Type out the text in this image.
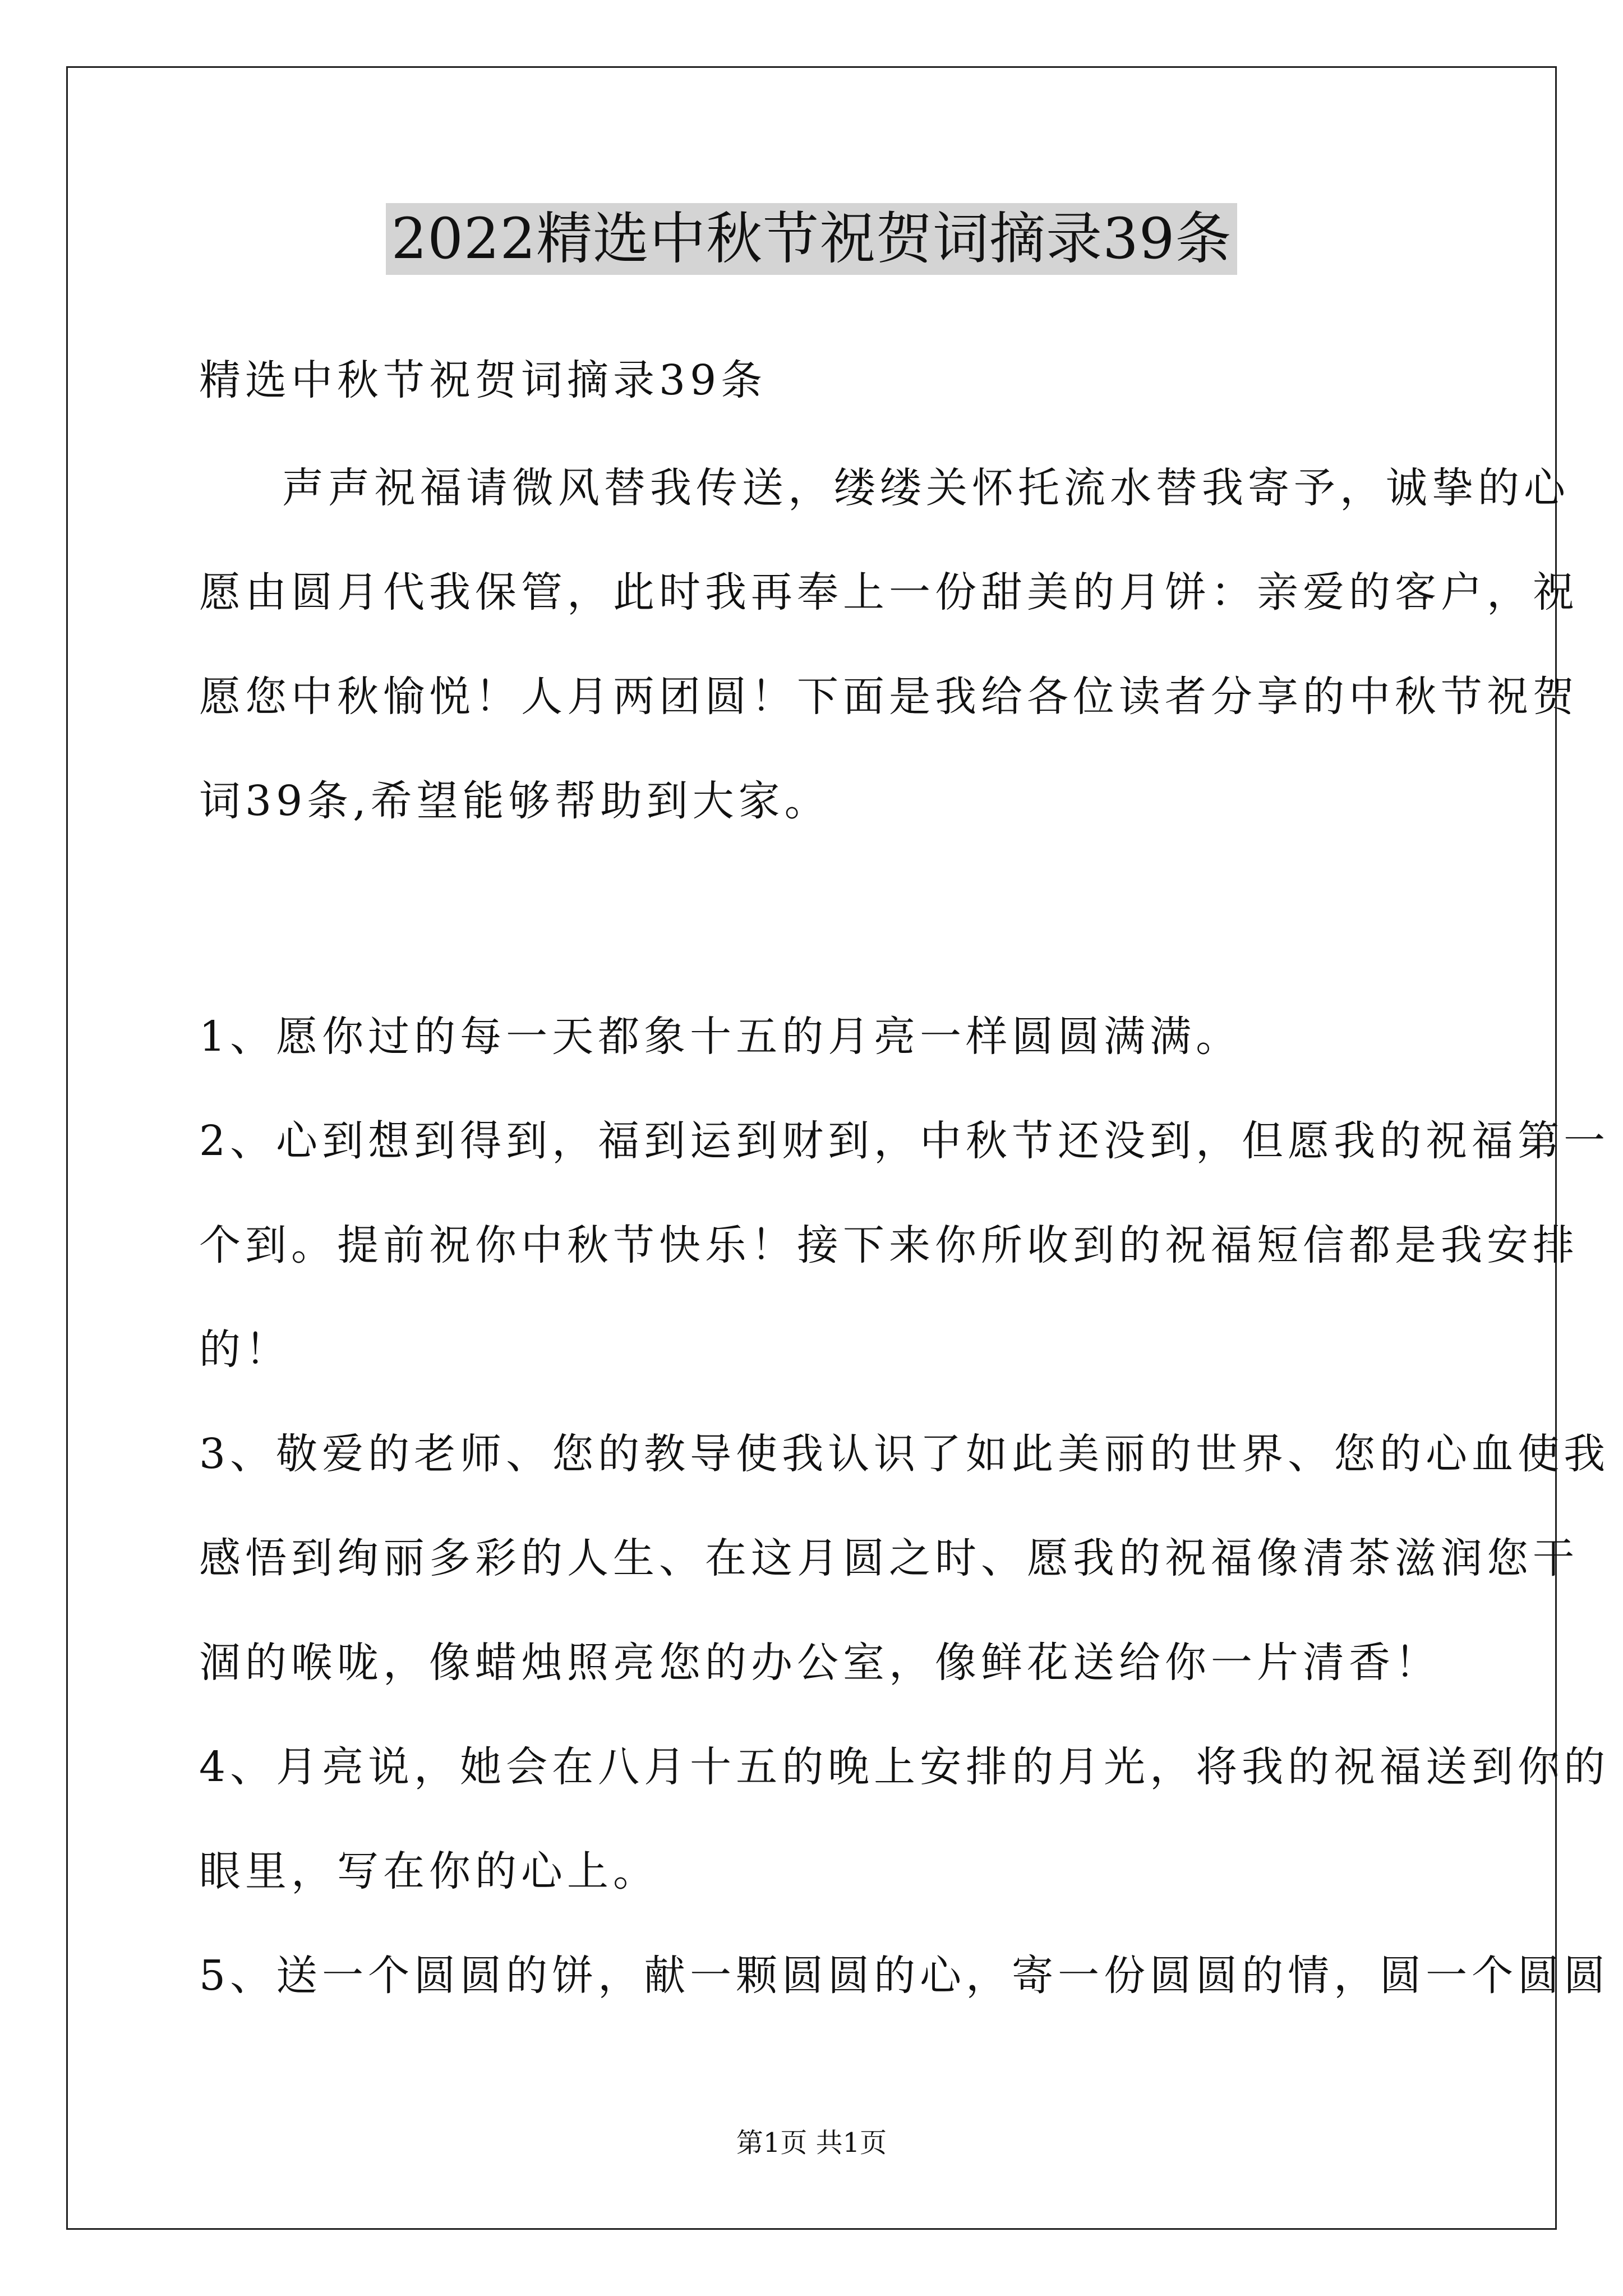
2022精选中秋节祝贺词摘录39条
精选中秋节祝贺词摘录39条
声声祝福请微风替我传送，缕缕关怀托流水替我寄予，诚挚的心
愿由圆月代我保管，此时我再奉上一份甜美的月饼：亲爱的客户，祝
愿您中秋愉悦！人月两团圆！下面是我给各位读者分享的中秋节祝贺
词39条,希望能够帮助到大家。
1、愿你过的每一天都象十五的月亮一样圆圆满满。
2、心到想到得到，福到运到财到，中秋节还没到，但愿我的祝福第一
个到。提前祝你中秋节快乐！接下来你所收到的祝福短信都是我安排
的！
3、敬爱的老师、您的教导使我认识了如此美丽的世界、您的心血使我
感悟到绚丽多彩的人生、在这月圆之时、愿我的祝福像清茶滋润您干
涸的喉咙，像蜡烛照亮您的办公室，像鲜花送给你一片清香！
4、月亮说，她会在八月十五的晚上安排的月光，将我的祝福送到你的
眼里，写在你的心上。
5、送一个圆圆的饼，献一颗圆圆的心，寄一份圆圆的情，圆一个圆圆
第1页 共1页
